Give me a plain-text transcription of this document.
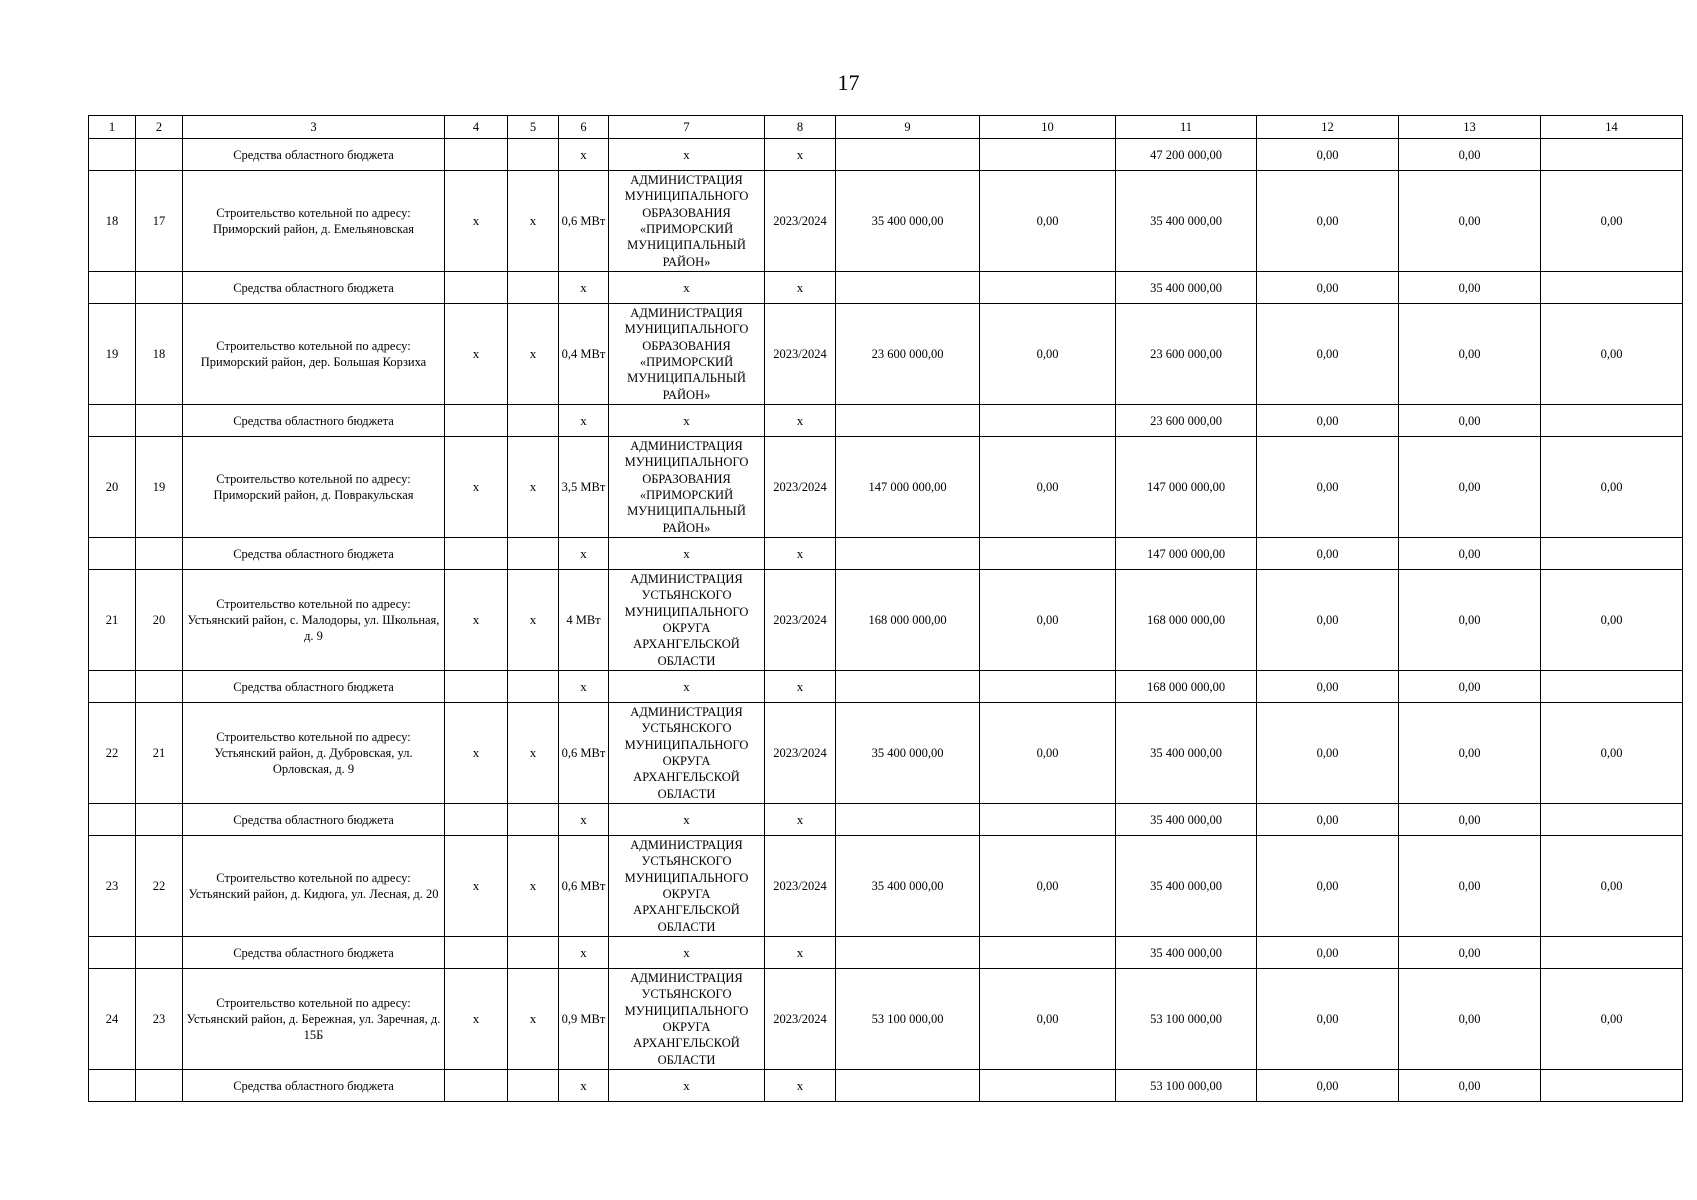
17
1	2	3	4	5	6	7	8	9	10	11	12	13	14
		Средства областного бюджета			х	х	х			47 200 000,00	0,00	0,00	
18	17	Строительство котельной по адресу: Приморский район, д. Емельяновская	х	х	0,6 МВт	АДМИНИСТРАЦИЯ МУНИЦИПАЛЬНОГО ОБРАЗОВАНИЯ «ПРИМОРСКИЙ МУНИЦИПАЛЬНЫЙ РАЙОН»	2023/2024	35 400 000,00	0,00	35 400 000,00	0,00	0,00	0,00
		Средства областного бюджета			х	х	х			35 400 000,00	0,00	0,00	
19	18	Строительство котельной по адресу: Приморский район, дер. Большая Корзиха	х	х	0,4 МВт	АДМИНИСТРАЦИЯ МУНИЦИПАЛЬНОГО ОБРАЗОВАНИЯ «ПРИМОРСКИЙ МУНИЦИПАЛЬНЫЙ РАЙОН»	2023/2024	23 600 000,00	0,00	23 600 000,00	0,00	0,00	0,00
		Средства областного бюджета			х	х	х			23 600 000,00	0,00	0,00	
20	19	Строительство котельной по адресу: Приморский район, д. Повракульская	х	х	3,5 МВт	АДМИНИСТРАЦИЯ МУНИЦИПАЛЬНОГО ОБРАЗОВАНИЯ «ПРИМОРСКИЙ МУНИЦИПАЛЬНЫЙ РАЙОН»	2023/2024	147 000 000,00	0,00	147 000 000,00	0,00	0,00	0,00
		Средства областного бюджета			х	х	х			147 000 000,00	0,00	0,00	
21	20	Строительство котельной по адресу: Устьянский район, с. Малодоры, ул. Школьная, д. 9	х	х	4 МВт	АДМИНИСТРАЦИЯ УСТЬЯНСКОГО МУНИЦИПАЛЬНОГО ОКРУГА АРХАНГЕЛЬСКОЙ ОБЛАСТИ	2023/2024	168 000 000,00	0,00	168 000 000,00	0,00	0,00	0,00
		Средства областного бюджета			х	х	х			168 000 000,00	0,00	0,00	
22	21	Строительство котельной по адресу: Устьянский район, д. Дубровская, ул. Орловская, д. 9	х	х	0,6 МВт	АДМИНИСТРАЦИЯ УСТЬЯНСКОГО МУНИЦИПАЛЬНОГО ОКРУГА АРХАНГЕЛЬСКОЙ ОБЛАСТИ	2023/2024	35 400 000,00	0,00	35 400 000,00	0,00	0,00	0,00
		Средства областного бюджета			х	х	х			35 400 000,00	0,00	0,00	
23	22	Строительство котельной по адресу: Устьянский район, д. Кидюга, ул. Лесная, д. 20	х	х	0,6 МВт	АДМИНИСТРАЦИЯ УСТЬЯНСКОГО МУНИЦИПАЛЬНОГО ОКРУГА АРХАНГЕЛЬСКОЙ ОБЛАСТИ	2023/2024	35 400 000,00	0,00	35 400 000,00	0,00	0,00	0,00
		Средства областного бюджета			х	х	х			35 400 000,00	0,00	0,00	
24	23	Строительство котельной по адресу: Устьянский район, д. Бережная, ул. Заречная, д. 15Б	х	х	0,9 МВт	АДМИНИСТРАЦИЯ УСТЬЯНСКОГО МУНИЦИПАЛЬНОГО ОКРУГА АРХАНГЕЛЬСКОЙ ОБЛАСТИ	2023/2024	53 100 000,00	0,00	53 100 000,00	0,00	0,00	0,00
		Средства областного бюджета			х	х	х			53 100 000,00	0,00	0,00	
